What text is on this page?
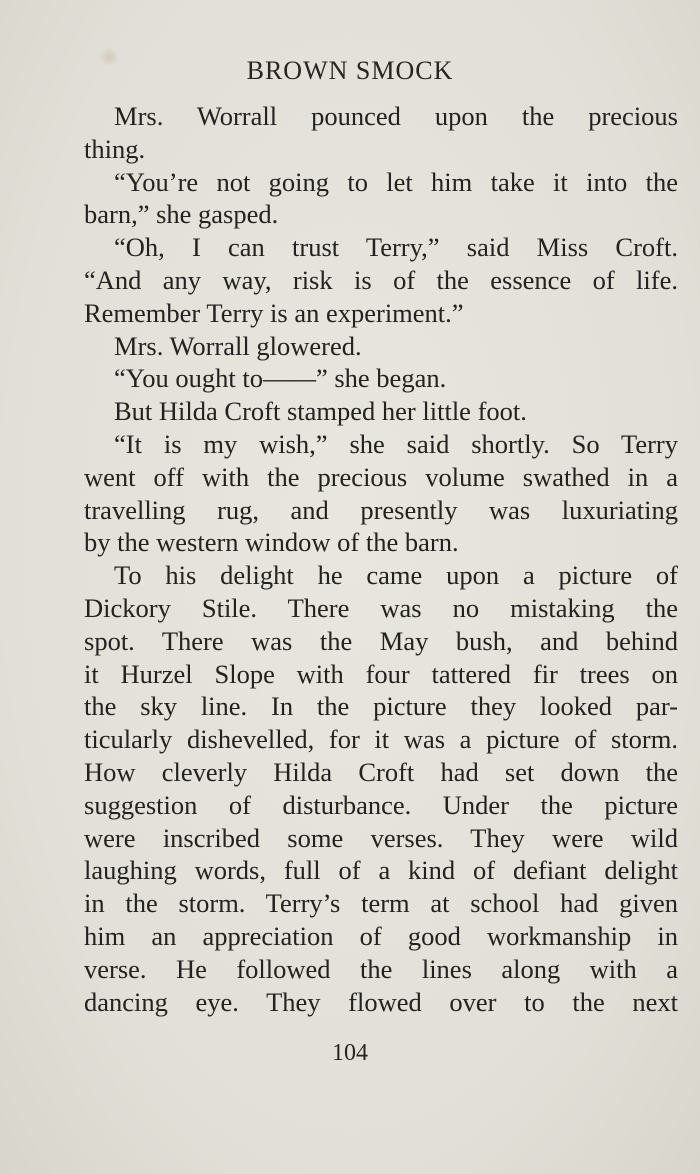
BROWN SMOCK
Mrs. Worrall pounced upon the precious
thing.
“You’re not going to let him take it into the
barn,” she gasped.
“Oh, I can trust Terry,” said Miss Croft.
“And any way, risk is of the essence of life.
Remember Terry is an experiment.”
Mrs. Worrall glowered.
“You ought to——” she began.
But Hilda Croft stamped her little foot.
“It is my wish,” she said shortly. So Terry
went off with the precious volume swathed in a
travelling rug, and presently was luxuriating
by the western window of the barn.
To his delight he came upon a picture of
Dickory Stile. There was no mistaking the
spot. There was the May bush, and behind
it Hurzel Slope with four tattered fir trees on
the sky line. In the picture they looked par-
ticularly dishevelled, for it was a picture of storm.
How cleverly Hilda Croft had set down the
suggestion of disturbance. Under the picture
were inscribed some verses. They were wild
laughing words, full of a kind of defiant delight
in the storm. Terry’s term at school had given
him an appreciation of good workmanship in
verse. He followed the lines along with a
dancing eye. They flowed over to the next
104
